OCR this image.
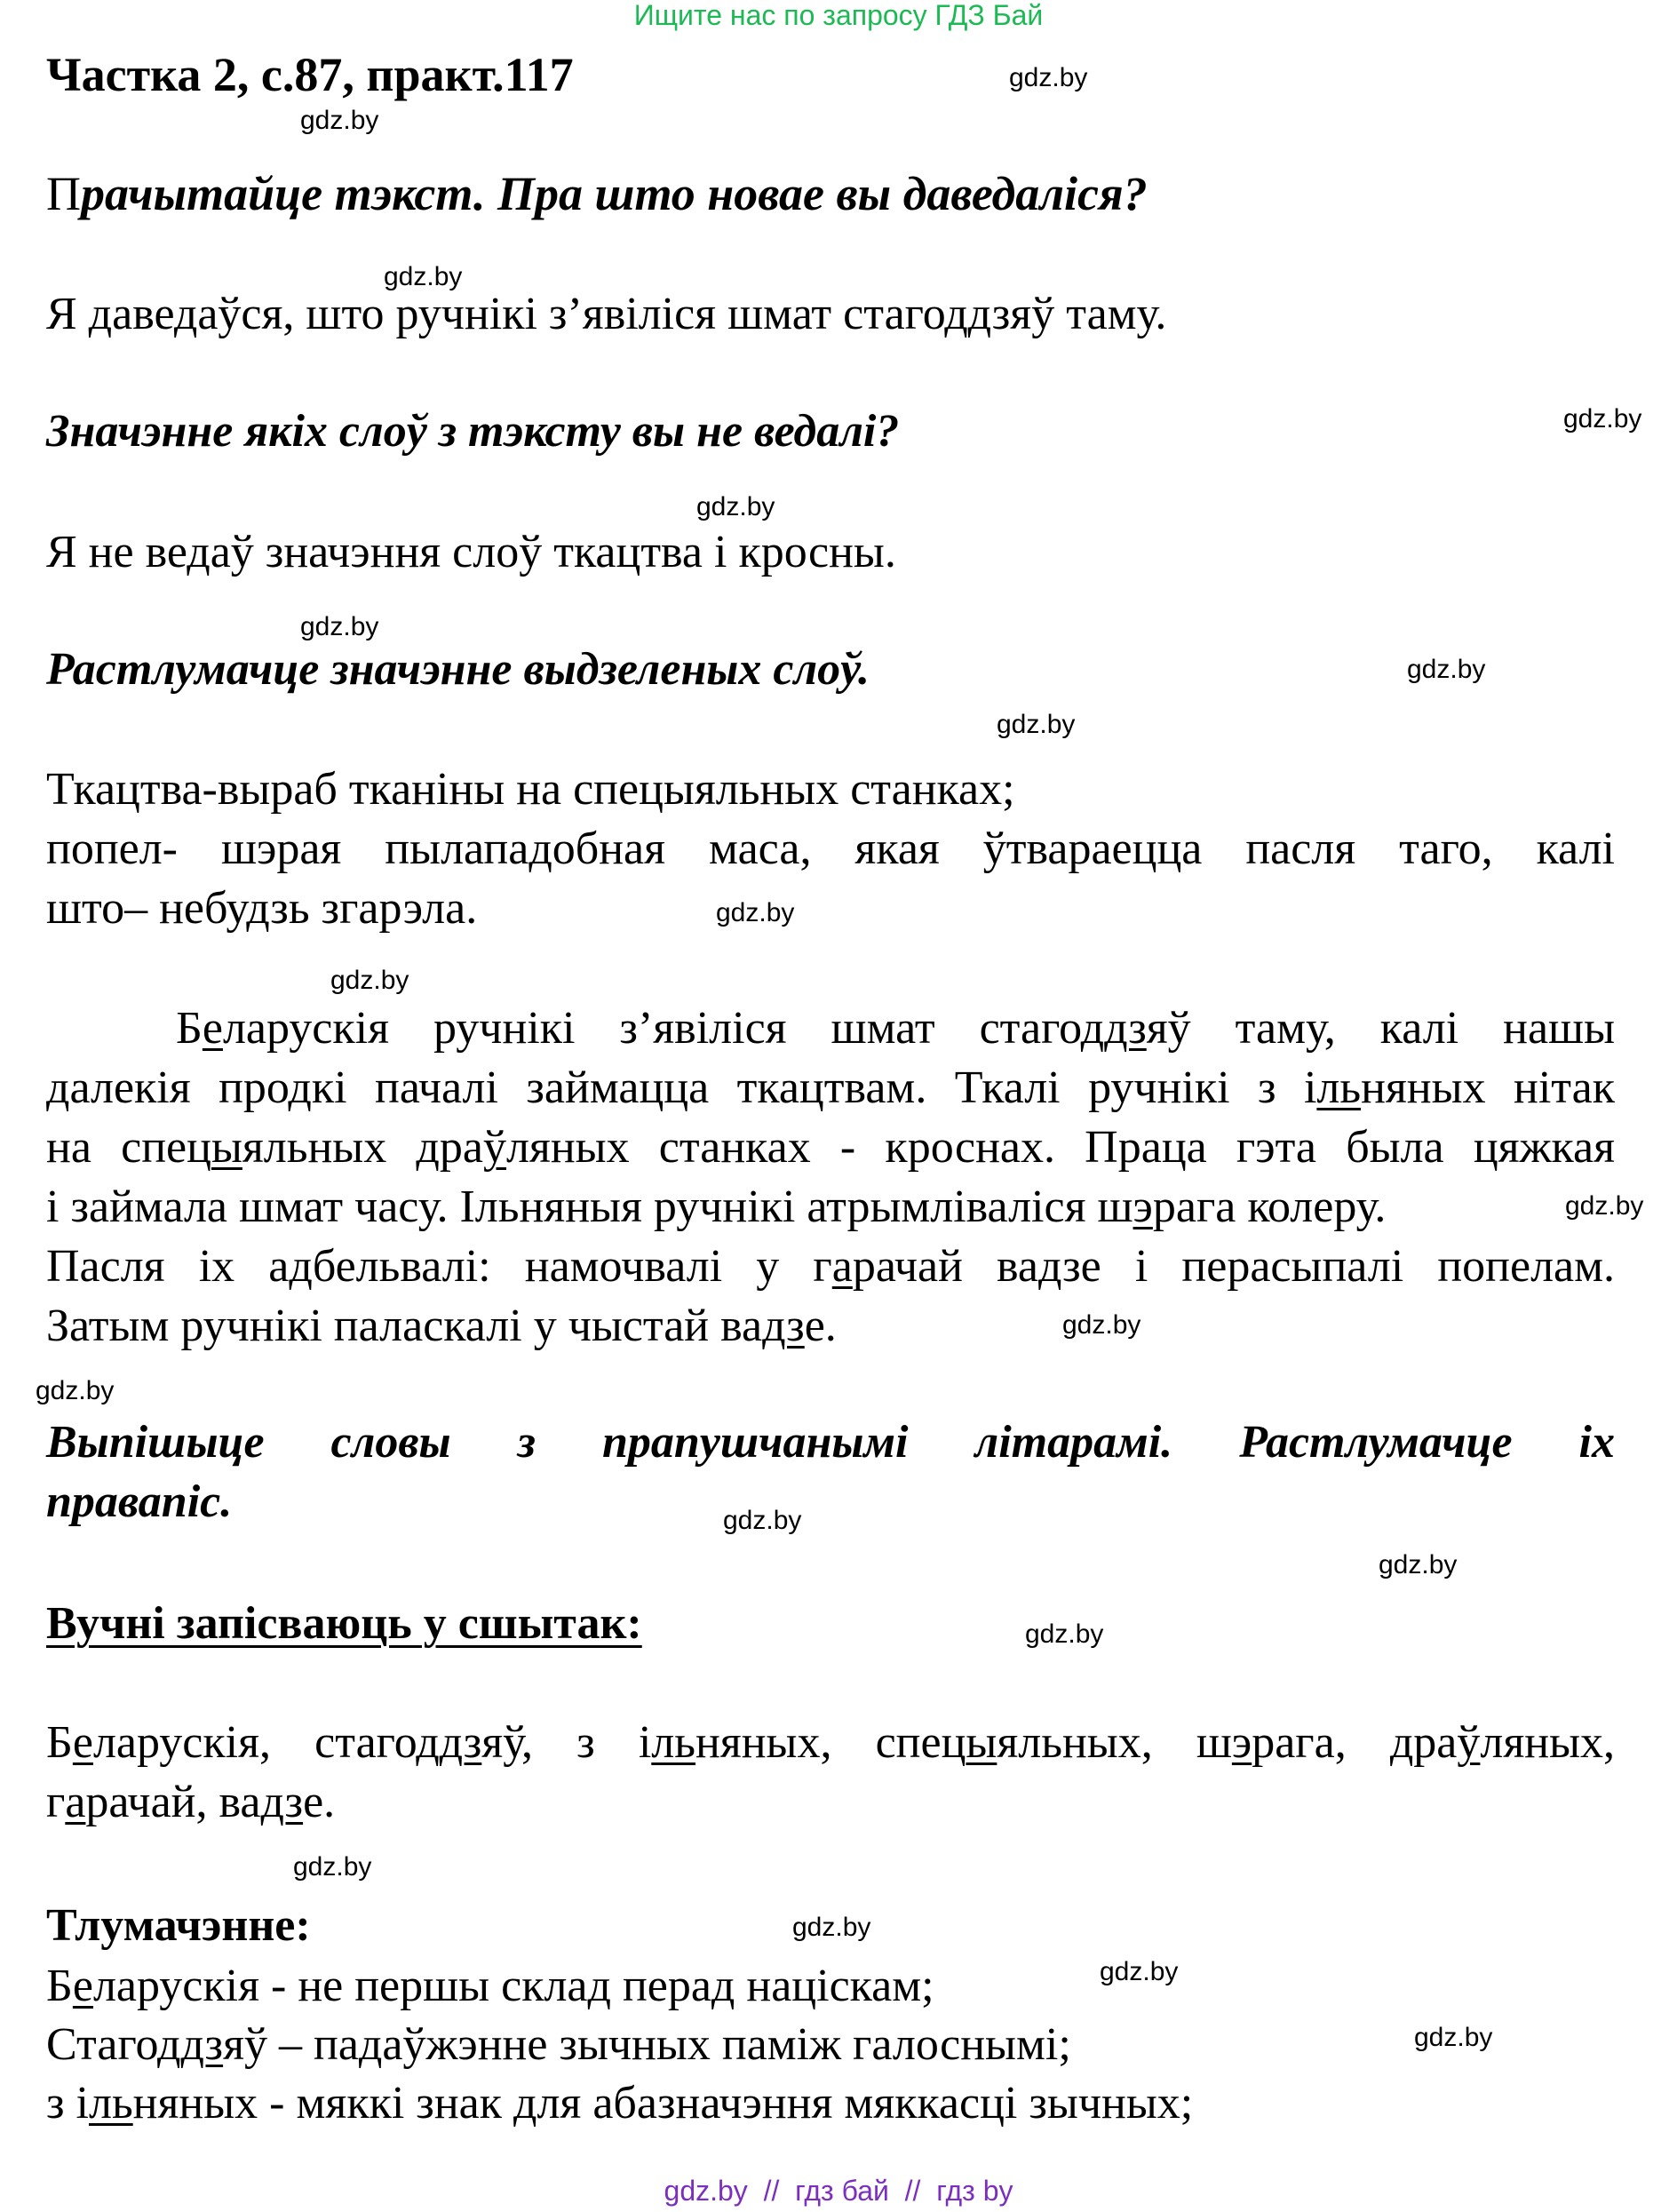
Ищите нас по запросу ГДЗ Бай
Частка 2, с.87, практ.117	gdz.by
gdz.by
Прачытайце тэкст. Пра што новае вы даведаліся?
gdz.by
Я даведаўся, што ручнікі з’явіліся шмат стагоддзяў таму.
gdz.by
Значэнне якіх слоў з тэксту вы не ведалі?
gdz.by
Я не ведаў значэння слоў ткацтва і кросны.
gdz.by
Растлумачце значэнне выдзеленых слоў.	gdz.by
gdz.by
Ткацтва-выраб тканіны на спецыяльных станках;
попел- шэрая пылападобная маса, якая ўтвараецца пасля таго, калі
што– небудзь згарэла.	gdz.by
gdz.by
Беларускія ручнікі з’явіліся шмат стагоддзяў таму, калі нашы
далекія продкі пачалі займацца ткацтвам. Ткалі ручнікі з ільняных нітак
на спецыяльных драўляных станках - кроснах. Праца гэта была цяжкая
і займала шмат часу. Ільняныя ручнікі атрымліваліся шэрага колеру.
Пасля іх адбельвалі: намочвалі у гарачай вадзе і перасыпалі попелам.
Затым ручнікі паласкалі у чыстай вадзе.
gdz.by
gdz.by
gdz.by
Выпішыце словы з прапушчанымі літарамі. Растлумачце іх
правапіс.	gdz.by
gdz.by
Вучні запісваюць у сшытак:	gdz.by
Беларускія, стагоддзяў, з ільняных, спецыяльных, шэрага, драўляных,
гарачай, вадзе.
gdz.by
Тлумачэнне:	gdz.by
Беларускія - не першы склад перад націскам;	gdz.by
Стагоддзяў – падаўжэнне зычных паміж галоснымі;	gdz.by
з ільняных - мяккі знак для абазначэння мяккасці зычных;
gdz.by  //  гдз бай  //  гдз by
